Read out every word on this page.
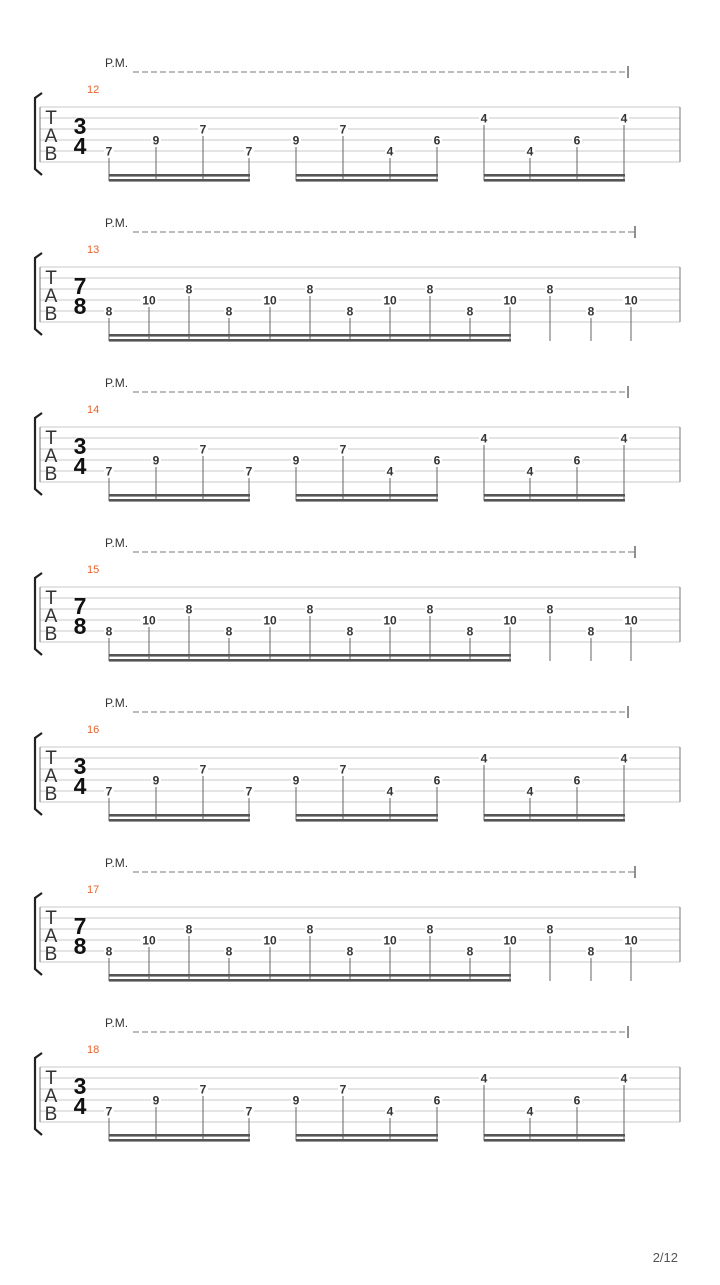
P.M.
12
T
A
B
3
4 7
9
7
7
9
7
4
6
4
4
6
4
P.M.
13
T
A
B
7
8 8
10
8
8
10
8
8
10
8
8
10
8
8
10
P.M.
14
T
A
B
3
4 7
9
7
7
9
7
4
6
4
4
6
4
P.M.
15
T
A
B
7
8 8
10
8
8
10
8
8
10
8
8
10
8
8
10
P.M.
16
T
A
B
3
4 7
9
7
7
9
7
4
6
4
4
6
4
P.M.
17
T
A
B
7
8 8
10
8
8
10
8
8
10
8
8
10
8
8
10
P.M.
18
T
A
B
3
4 7
9
7
7
9
7
4
6
4
4
6
4
2/12
